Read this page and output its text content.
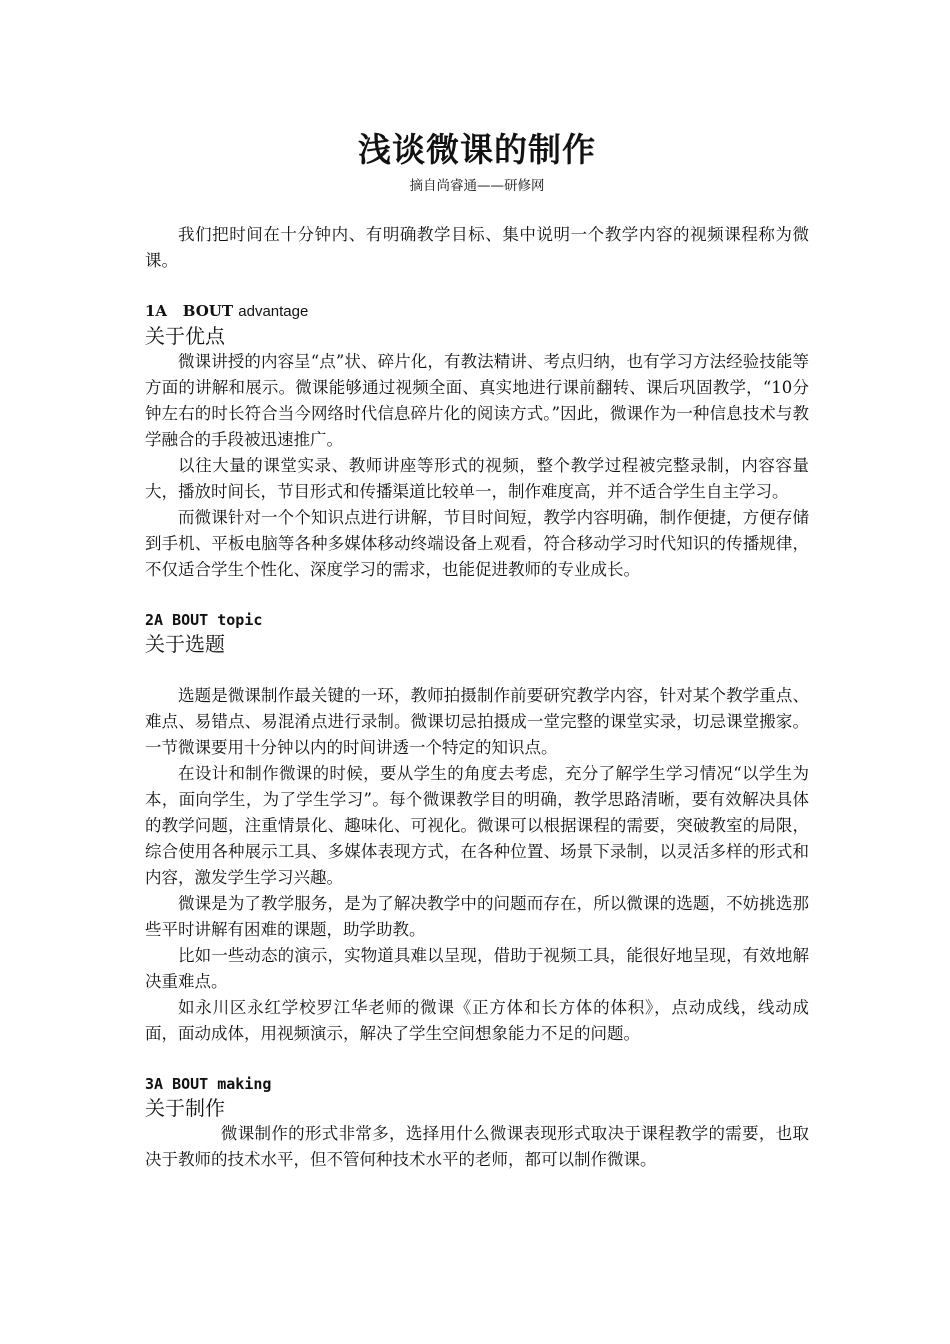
浅谈微课的制作

摘自尚睿通——研修网

我们把时间在十分钟内、有明确教学目标、集中说明一个教学内容的视频课程称为微课。

1A BOUT advantage

关于优点

微课讲授的内容呈“点”状、碎片化，有教法精讲、考点归纳，也有学习方法经验技能等方面的讲解和展示。微课能够通过视频全面、真实地进行课前翻转、课后巩固教学，“10分钟左右的时长符合当今网络时代信息碎片化的阅读方式。”因此，微课作为一种信息技术与教学融合的手段被迅速推广。

以往大量的课堂实录、教师讲座等形式的视频，整个教学过程被完整录制，内容容量大，播放时间长，节目形式和传播渠道比较单一，制作难度高，并不适合学生自主学习。

而微课针对一个个知识点进行讲解，节目时间短，教学内容明确，制作便捷，方便存储到手机、平板电脑等各种多媒体移动终端设备上观看，符合移动学习时代知识的传播规律，不仅适合学生个性化、深度学习的需求，也能促进教师的专业成长。

2A BOUT topic

关于选题

选题是微课制作最关键的一环，教师拍摄制作前要研究教学内容，针对某个教学重点、难点、易错点、易混淆点进行录制。微课切忌拍摄成一堂完整的课堂实录，切忌课堂搬家。一节微课要用十分钟以内的时间讲透一个特定的知识点。

在设计和制作微课的时候，要从学生的角度去考虑，充分了解学生学习情况“以学生为本，面向学生，为了学生学习”。每个微课教学目的明确，教学思路清晰，要有效解决具体的教学问题，注重情景化、趣味化、可视化。微课可以根据课程的需要，突破教室的局限，综合使用各种展示工具、多媒体表现方式，在各种位置、场景下录制，以灵活多样的形式和内容，激发学生学习兴趣。

微课是为了教学服务，是为了解决教学中的问题而存在，所以微课的选题，不妨挑选那些平时讲解有困难的课题，助学助教。

比如一些动态的演示，实物道具难以呈现，借助于视频工具，能很好地呈现，有效地解决重难点。

如永川区永红学校罗江华老师的微课《正方体和长方体的体积》，点动成线，线动成面，面动成体，用视频演示，解决了学生空间想象能力不足的问题。

3A BOUT making

关于制作

微课制作的形式非常多，选择用什么微课表现形式取决于课程教学的需要，也取决于教师的技术水平，但不管何种技术水平的老师，都可以制作微课。
